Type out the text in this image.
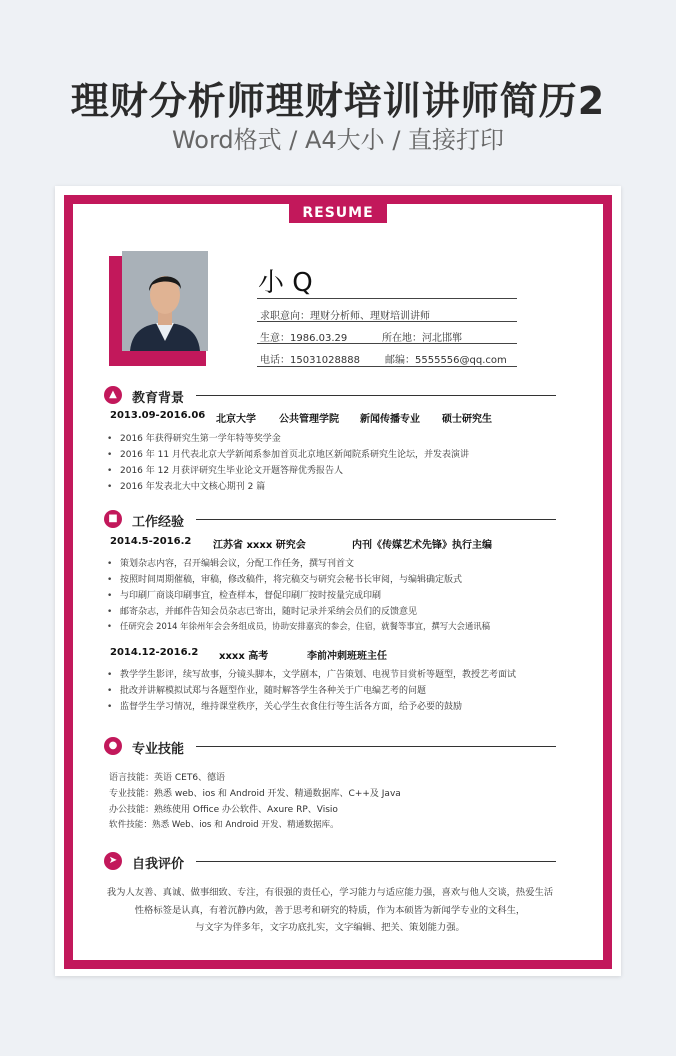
理财分析师理财培训讲师简历2
Word格式 / A4大小 / 直接打印
RESUME
小 Q
求职意向：理财分析师、理财培训讲师
生意：1986.03.29	所在地：河北邯郸
电话：15031028888	邮编：5555556@qq.com
▲	教育背景
2013.09-2016.06 北京大学 公共管理学院 新闻传播专业 硕士研究生
• 2016 年获得研究生第一学年特等奖学金
• 2016 年 11 月代表北京大学新闻系参加首页北京地区新闻院系研究生论坛，并发表演讲
• 2016 年 12 月获评研究生毕业论文开题答辩优秀报告人
• 2016 年发表北大中文核心期刊 2 篇
■	工作经验
2014.5-2016.2 江苏省 xxxx 研究会	内刊《传媒艺术先锋》执行主编
• 策划杂志内容，召开编辑会议，分配工作任务，撰写刊首文
• 按照时间周期催稿，审稿，修改稿件，将完稿交与研究会秘书长审阅，与编辑确定版式
• 与印刷厂商谈印刷事宜，检查样本，督促印刷厂按时按量完成印刷
• 邮寄杂志，并邮件告知会员杂志已寄出，随时记录并采纳会员们的反馈意见
• 任研究会 2014 年徐州年会会务组成员，协助安排嘉宾的参会，住宿，就餐等事宜，撰写大会通讯稿
2014.12-2016.2 xxxx 高考	李前冲刺班班主任
• 教学学生影评，续写故事，分镜头脚本，文学剧本，广告策划、电视节目赏析等题型，教授艺考面试
• 批改并讲解模拟试郑与各题型作业，随时解答学生各种关于广电编艺考的问题
• 监督学生学习情况，维持课堂秩序，关心学生衣食住行等生活各方面，给予必要的鼓励
●	专业技能
语言技能：英语 CET6、德语
专业技能：熟悉 web、ios 和 Android 开发、精通数据库、C++及 Java
办公技能：熟练使用 Office 办公软件、Axure RP、Visio
软件技能：熟悉 Web、ios 和 Android 开发、精通数据库。
➤	自我评价
我为人友善、真诚、做事细致、专注，有很强的责任心，学习能力与适应能力强，喜欢与他人交谈，热爱生活
性格标签是认真，有着沉静内敛，善于思考和研究的特质，作为本硕皆为新闻学专业的文科生，
与文字为伴多年，文字功底扎实，文字编辑、把关、策划能力强。
